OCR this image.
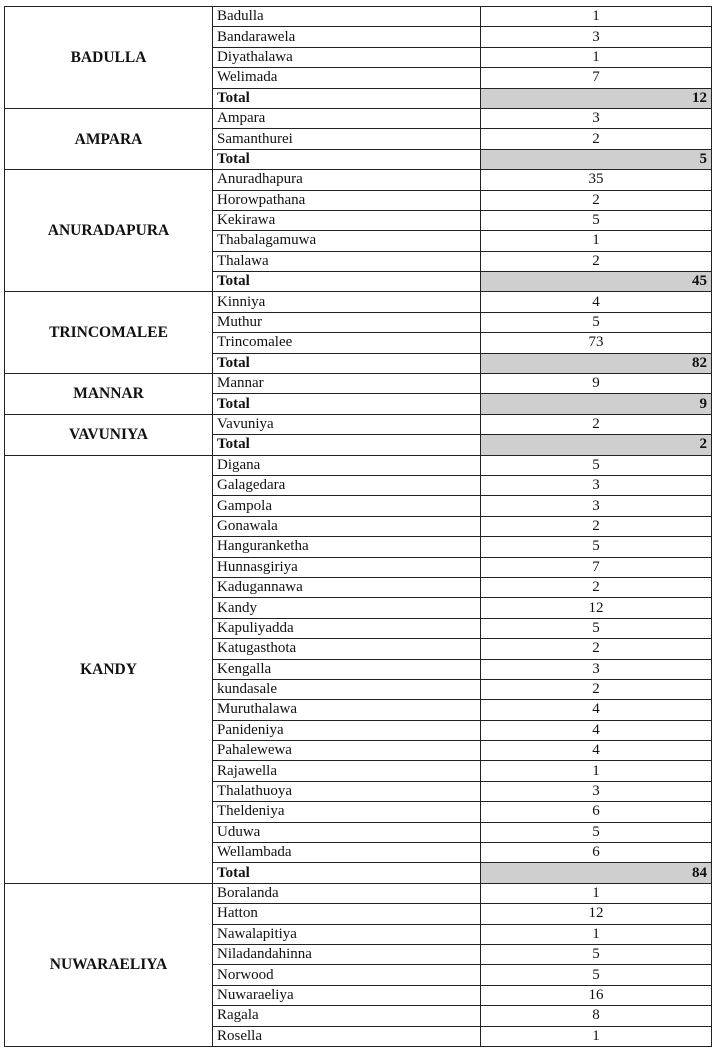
BADULLA	Badulla	1
	Bandarawela	3
	Diyathalawa	1
	Welimada	7
	Total	12
AMPARA	Ampara	3
	Samanthurei	2
	Total	5
ANURADAPURA	Anuradhapura	35
	Horowpathana	2
	Kekirawa	5
	Thabalagamuwa	1
	Thalawa	2
	Total	45
TRINCOMALEE	Kinniya	4
	Muthur	5
	Trincomalee	73
	Total	82
MANNAR	Mannar	9
	Total	9
VAVUNIYA	Vavuniya	2
	Total	2
KANDY	Digana	5
	Galagedara	3
	Gampola	3
	Gonawala	2
	Hanguranketha	5
	Hunnasgiriya	7
	Kadugannawa	2
	Kandy	12
	Kapuliyadda	5
	Katugasthota	2
	Kengalla	3
	kundasale	2
	Muruthalawa	4
	Panideniya	4
	Pahalewewa	4
	Rajawella	1
	Thalathuoya	3
	Theldeniya	6
	Uduwa	5
	Wellambada	6
	Total	84
NUWARAELIYA	Boralanda	1
	Hatton	12
	Nawalapitiya	1
	Niladandahinna	5
	Norwood	5
	Nuwaraeliya	16
	Ragala	8
	Rosella	1
